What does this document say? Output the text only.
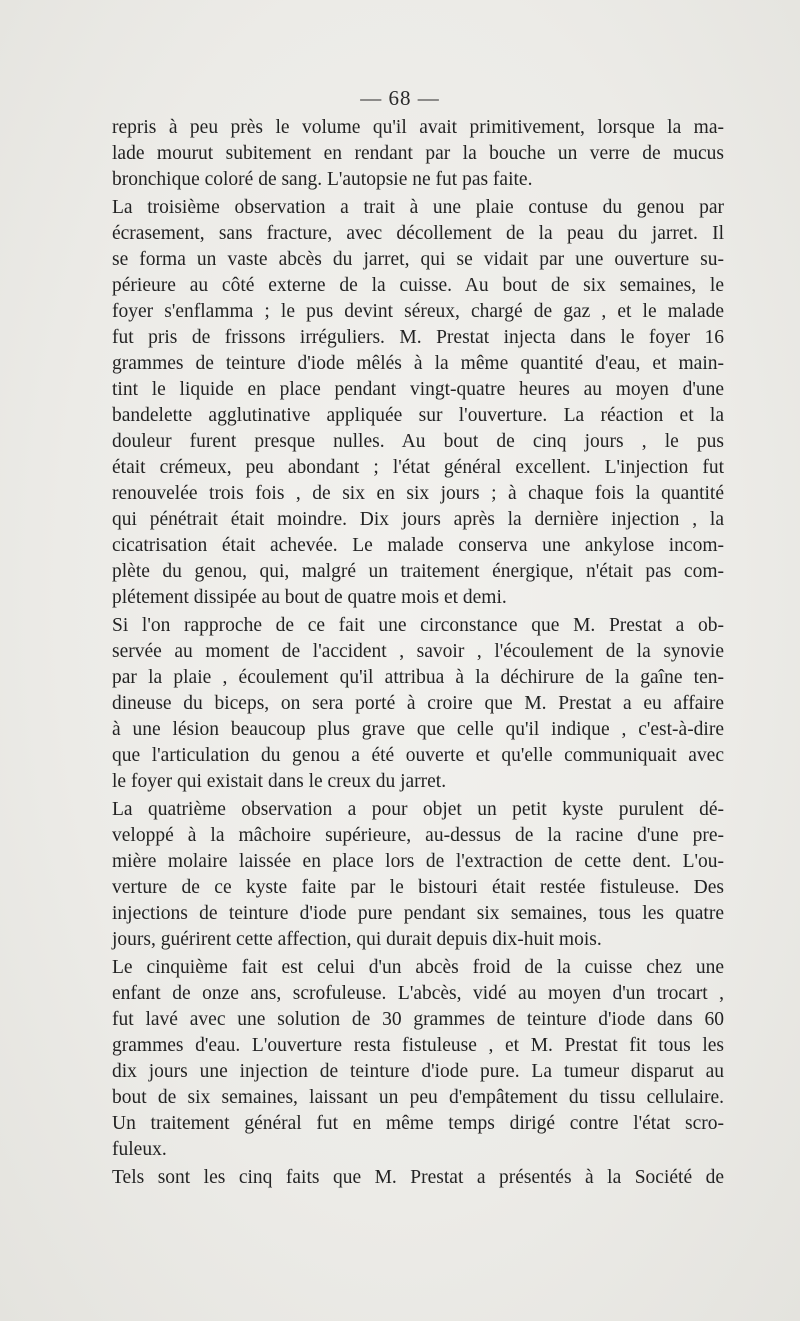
— 68 —
repris à peu près le volume qu'il avait primitivement, lorsque la ma-
lade mourut subitement en rendant par la bouche un verre de mucus
bronchique coloré de sang. L'autopsie ne fut pas faite.
La troisième observation a trait à une plaie contuse du genou par
écrasement, sans fracture, avec décollement de la peau du jarret. Il
se forma un vaste abcès du jarret, qui se vidait par une ouverture su-
périeure au côté externe de la cuisse. Au bout de six semaines, le
foyer s'enflamma ; le pus devint séreux, chargé de gaz , et le malade
fut pris de frissons irréguliers. M. Prestat injecta dans le foyer 16
grammes de teinture d'iode mêlés à la même quantité d'eau, et main-
tint le liquide en place pendant vingt-quatre heures au moyen d'une
bandelette agglutinative appliquée sur l'ouverture. La réaction et la
douleur furent presque nulles. Au bout de cinq jours , le pus
était crémeux, peu abondant ; l'état général excellent. L'injection fut
renouvelée trois fois , de six en six jours ; à chaque fois la quantité
qui pénétrait était moindre. Dix jours après la dernière injection , la
cicatrisation était achevée. Le malade conserva une ankylose incom-
plète du genou, qui, malgré un traitement énergique, n'était pas com-
plétement dissipée au bout de quatre mois et demi.
Si l'on rapproche de ce fait une circonstance que M. Prestat a ob-
servée au moment de l'accident , savoir , l'écoulement de la synovie
par la plaie , écoulement qu'il attribua à la déchirure de la gaîne ten-
dineuse du biceps, on sera porté à croire que M. Prestat a eu affaire
à une lésion beaucoup plus grave que celle qu'il indique , c'est-à-dire
que l'articulation du genou a été ouverte et qu'elle communiquait avec
le foyer qui existait dans le creux du jarret.
La quatrième observation a pour objet un petit kyste purulent dé-
veloppé à la mâchoire supérieure, au-dessus de la racine d'une pre-
mière molaire laissée en place lors de l'extraction de cette dent. L'ou-
verture de ce kyste faite par le bistouri était restée fistuleuse. Des
injections de teinture d'iode pure pendant six semaines, tous les quatre
jours, guérirent cette affection, qui durait depuis dix-huit mois.
Le cinquième fait est celui d'un abcès froid de la cuisse chez une
enfant de onze ans, scrofuleuse. L'abcès, vidé au moyen d'un trocart ,
fut lavé avec une solution de 30 grammes de teinture d'iode dans 60
grammes d'eau. L'ouverture resta fistuleuse , et M. Prestat fit tous les
dix jours une injection de teinture d'iode pure. La tumeur disparut au
bout de six semaines, laissant un peu d'empâtement du tissu cellulaire.
Un traitement général fut en même temps dirigé contre l'état scro-
fuleux.
Tels sont les cinq faits que M. Prestat a présentés à la Société de
